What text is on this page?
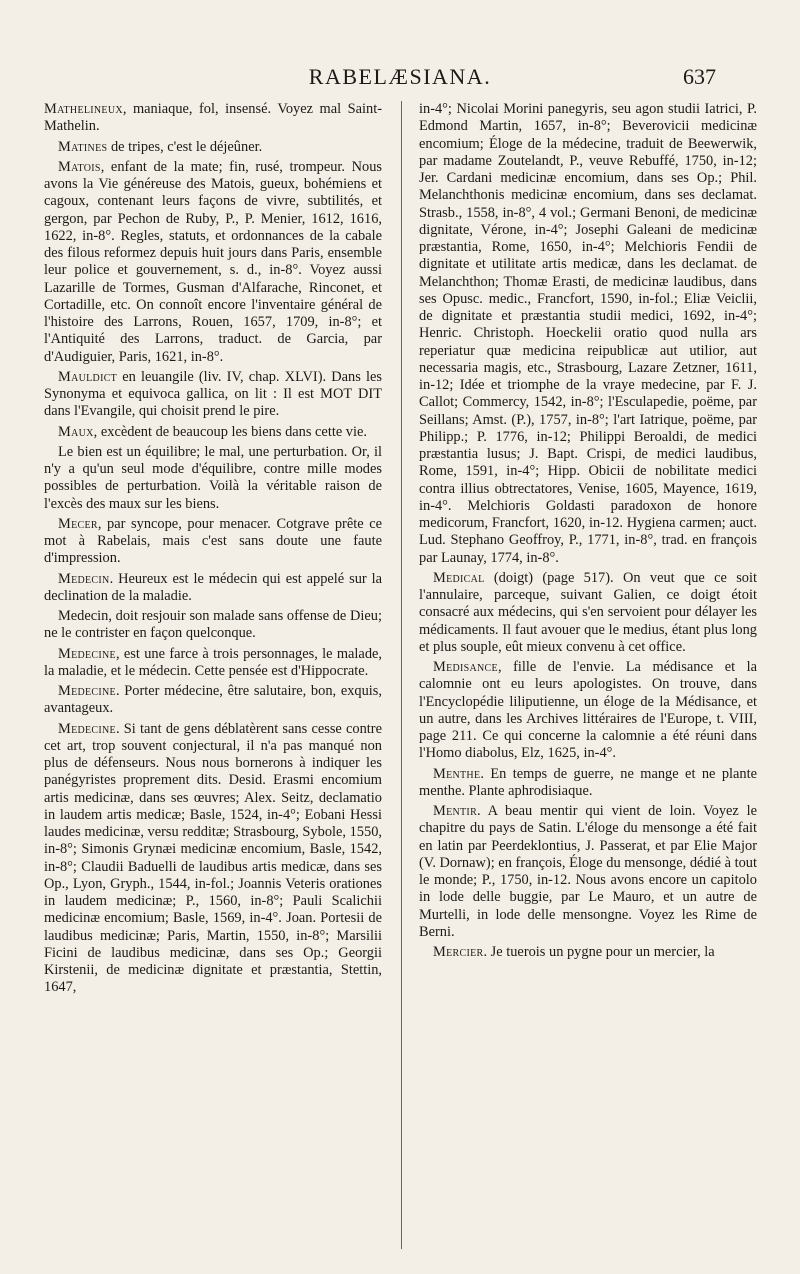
RABELÆSIANA.	637

Mathelineux, maniaque, fol, insensé. Voyez mal Saint-Mathelin.

Matines de tripes, c'est le déjeûner.

Matois, enfant de la mate; fin, rusé, trompeur. Nous avons la Vie généreuse des Matois, gueux, bohémiens et cagoux, contenant leurs façons de vivre, subtilités, et gergon, par Pechon de Ruby, P., P. Menier, 1612, 1616, 1622, in-8°. Regles, statuts, et ordonnances de la cabale des filous reformez depuis huit jours dans Paris, ensemble leur police et gouvernement, s. d., in-8°. Voyez aussi Lazarille de Tormes, Gusman d'Alfarache, Rinconet, et Cortadille, etc. On connoît encore l'inventaire général de l'histoire des Larrons, Rouen, 1657, 1709, in-8°; et l'Antiquité des Larrons, traduct. de Garcia, par d'Audiguier, Paris, 1621, in-8°.

Mauldict en leuangile (liv. IV, chap. XLVI). Dans les Synonyma et equivoca gallica, on lit : Il est MOT DIT dans l'Evangile, qui choisit prend le pire.

Maux, excèdent de beaucoup les biens dans cette vie.

Le bien est un équilibre; le mal, une perturbation. Or, il n'y a qu'un seul mode d'équilibre, contre mille modes possibles de perturbation. Voilà la véritable raison de l'excès des maux sur les biens.

Mecer, par syncope, pour menacer. Cotgrave prête ce mot à Rabelais, mais c'est sans doute une faute d'impression.

Medecin. Heureux est le médecin qui est appelé sur la declination de la maladie.

Medecin, doit resjouir son malade sans offense de Dieu; ne le contrister en façon quelconque.

Medecine, est une farce à trois personnages, le malade, la maladie, et le médecin. Cette pensée est d'Hippocrate.

Medecine. Porter médecine, être salutaire, bon, exquis, avantageux.

Medecine. Si tant de gens déblatèrent sans cesse contre cet art, trop souvent conjectural, il n'a pas manqué non plus de défenseurs. Nous nous bornerons à indiquer les panégyristes proprement dits. Desid. Erasmi encomium artis medicinæ, dans ses œuvres; Alex. Seitz, declamatio in laudem artis medicæ; Basle, 1524, in-4°; Eobani Hessi laudes medicinæ, versu redditæ; Strasbourg, Sybole, 1550, in-8°; Simonis Grynæi medicinæ encomium, Basle, 1542, in-8°; Claudii Baduelli de laudibus artis medicæ, dans ses Op., Lyon, Gryph., 1544, in-fol.; Joannis Veteris orationes in laudem medicinæ; P., 1560, in-8°; Pauli Scalichii medicinæ encomium; Basle, 1569, in-4°. Joan. Portesii de laudibus medicinæ; Paris, Martin, 1550, in-8°; Marsilii Ficini de laudibus medicinæ, dans ses Op.; Georgii Kirstenii, de medicinæ dignitate et præstantia, Stettin, 1647,

in-4°; Nicolai Morini panegyris, seu agon studii Iatrici, P. Edmond Martin, 1657, in-8°; Beverovicii medicinæ encomium; Éloge de la médecine, traduit de Beewerwik, par madame Zoutelandt, P., veuve Rebuffé, 1750, in-12; Jer. Cardani medicinæ encomium, dans ses Op.; Phil. Melanchthonis medicinæ encomium, dans ses declamat. Strasb., 1558, in-8°, 4 vol.; Germani Benoni, de medicinæ dignitate, Vérone, in-4°; Josephi Galeani de medicinæ præstantia, Rome, 1650, in-4°; Melchioris Fendii de dignitate et utilitate artis medicæ, dans les declamat. de Melanchthon; Thomæ Erasti, de medicinæ laudibus, dans ses Opusc. medic., Francfort, 1590, in-fol.; Eliæ Veiclii, de dignitate et præstantia studii medici, 1692, in-4°; Henric. Christoph. Hoeckelii oratio quod nulla ars reperiatur quæ medicina reipublicæ aut utilior, aut necessaria magis, etc., Strasbourg, Lazare Zetzner, 1611, in-12; Idée et triomphe de la vraye medecine, par F. J. Callot; Commercy, 1542, in-8°; l'Esculapedie, poëme, par Seillans; Amst. (P.), 1757, in-8°; l'art Iatrique, poëme, par Philipp.; P. 1776, in-12; Philippi Beroaldi, de medici præstantia lusus; J. Bapt. Crispi, de medici laudibus, Rome, 1591, in-4°; Hipp. Obicii de nobilitate medici contra illius obtrectatores, Venise, 1605, Mayence, 1619, in-4°. Melchioris Goldasti paradoxon de honore medicorum, Francfort, 1620, in-12. Hygiena carmen; auct. Lud. Stephano Geoffroy, P., 1771, in-8°, trad. en françois par Launay, 1774, in-8°.

Medical (doigt) (page 517). On veut que ce soit l'annulaire, parceque, suivant Galien, ce doigt étoit consacré aux médecins, qui s'en servoient pour délayer les médicaments. Il faut avouer que le medius, étant plus long et plus souple, eût mieux convenu à cet office.

Medisance, fille de l'envie. La médisance et la calomnie ont eu leurs apologistes. On trouve, dans l'Encyclopédie liliputienne, un éloge de la Médisance, et un autre, dans les Archives littéraires de l'Europe, t. VIII, page 211. Ce qui concerne la calomnie a été réuni dans l'Homo diabolus, Elz, 1625, in-4°.

Menthe. En temps de guerre, ne mange et ne plante menthe. Plante aphrodisiaque.

Mentir. A beau mentir qui vient de loin. Voyez le chapitre du pays de Satin. L'éloge du mensonge a été fait en latin par Peerdeklontius, J. Passerat, et par Elie Major (V. Dornaw); en françois, Éloge du mensonge, dédié à tout le monde; P., 1750, in-12. Nous avons encore un capitolo in lode delle buggie, par Le Mauro, et un autre de Murtelli, in lode delle mensongne. Voyez les Rime de Berni.

Mercier. Je tuerois un pygne pour un mercier, la
